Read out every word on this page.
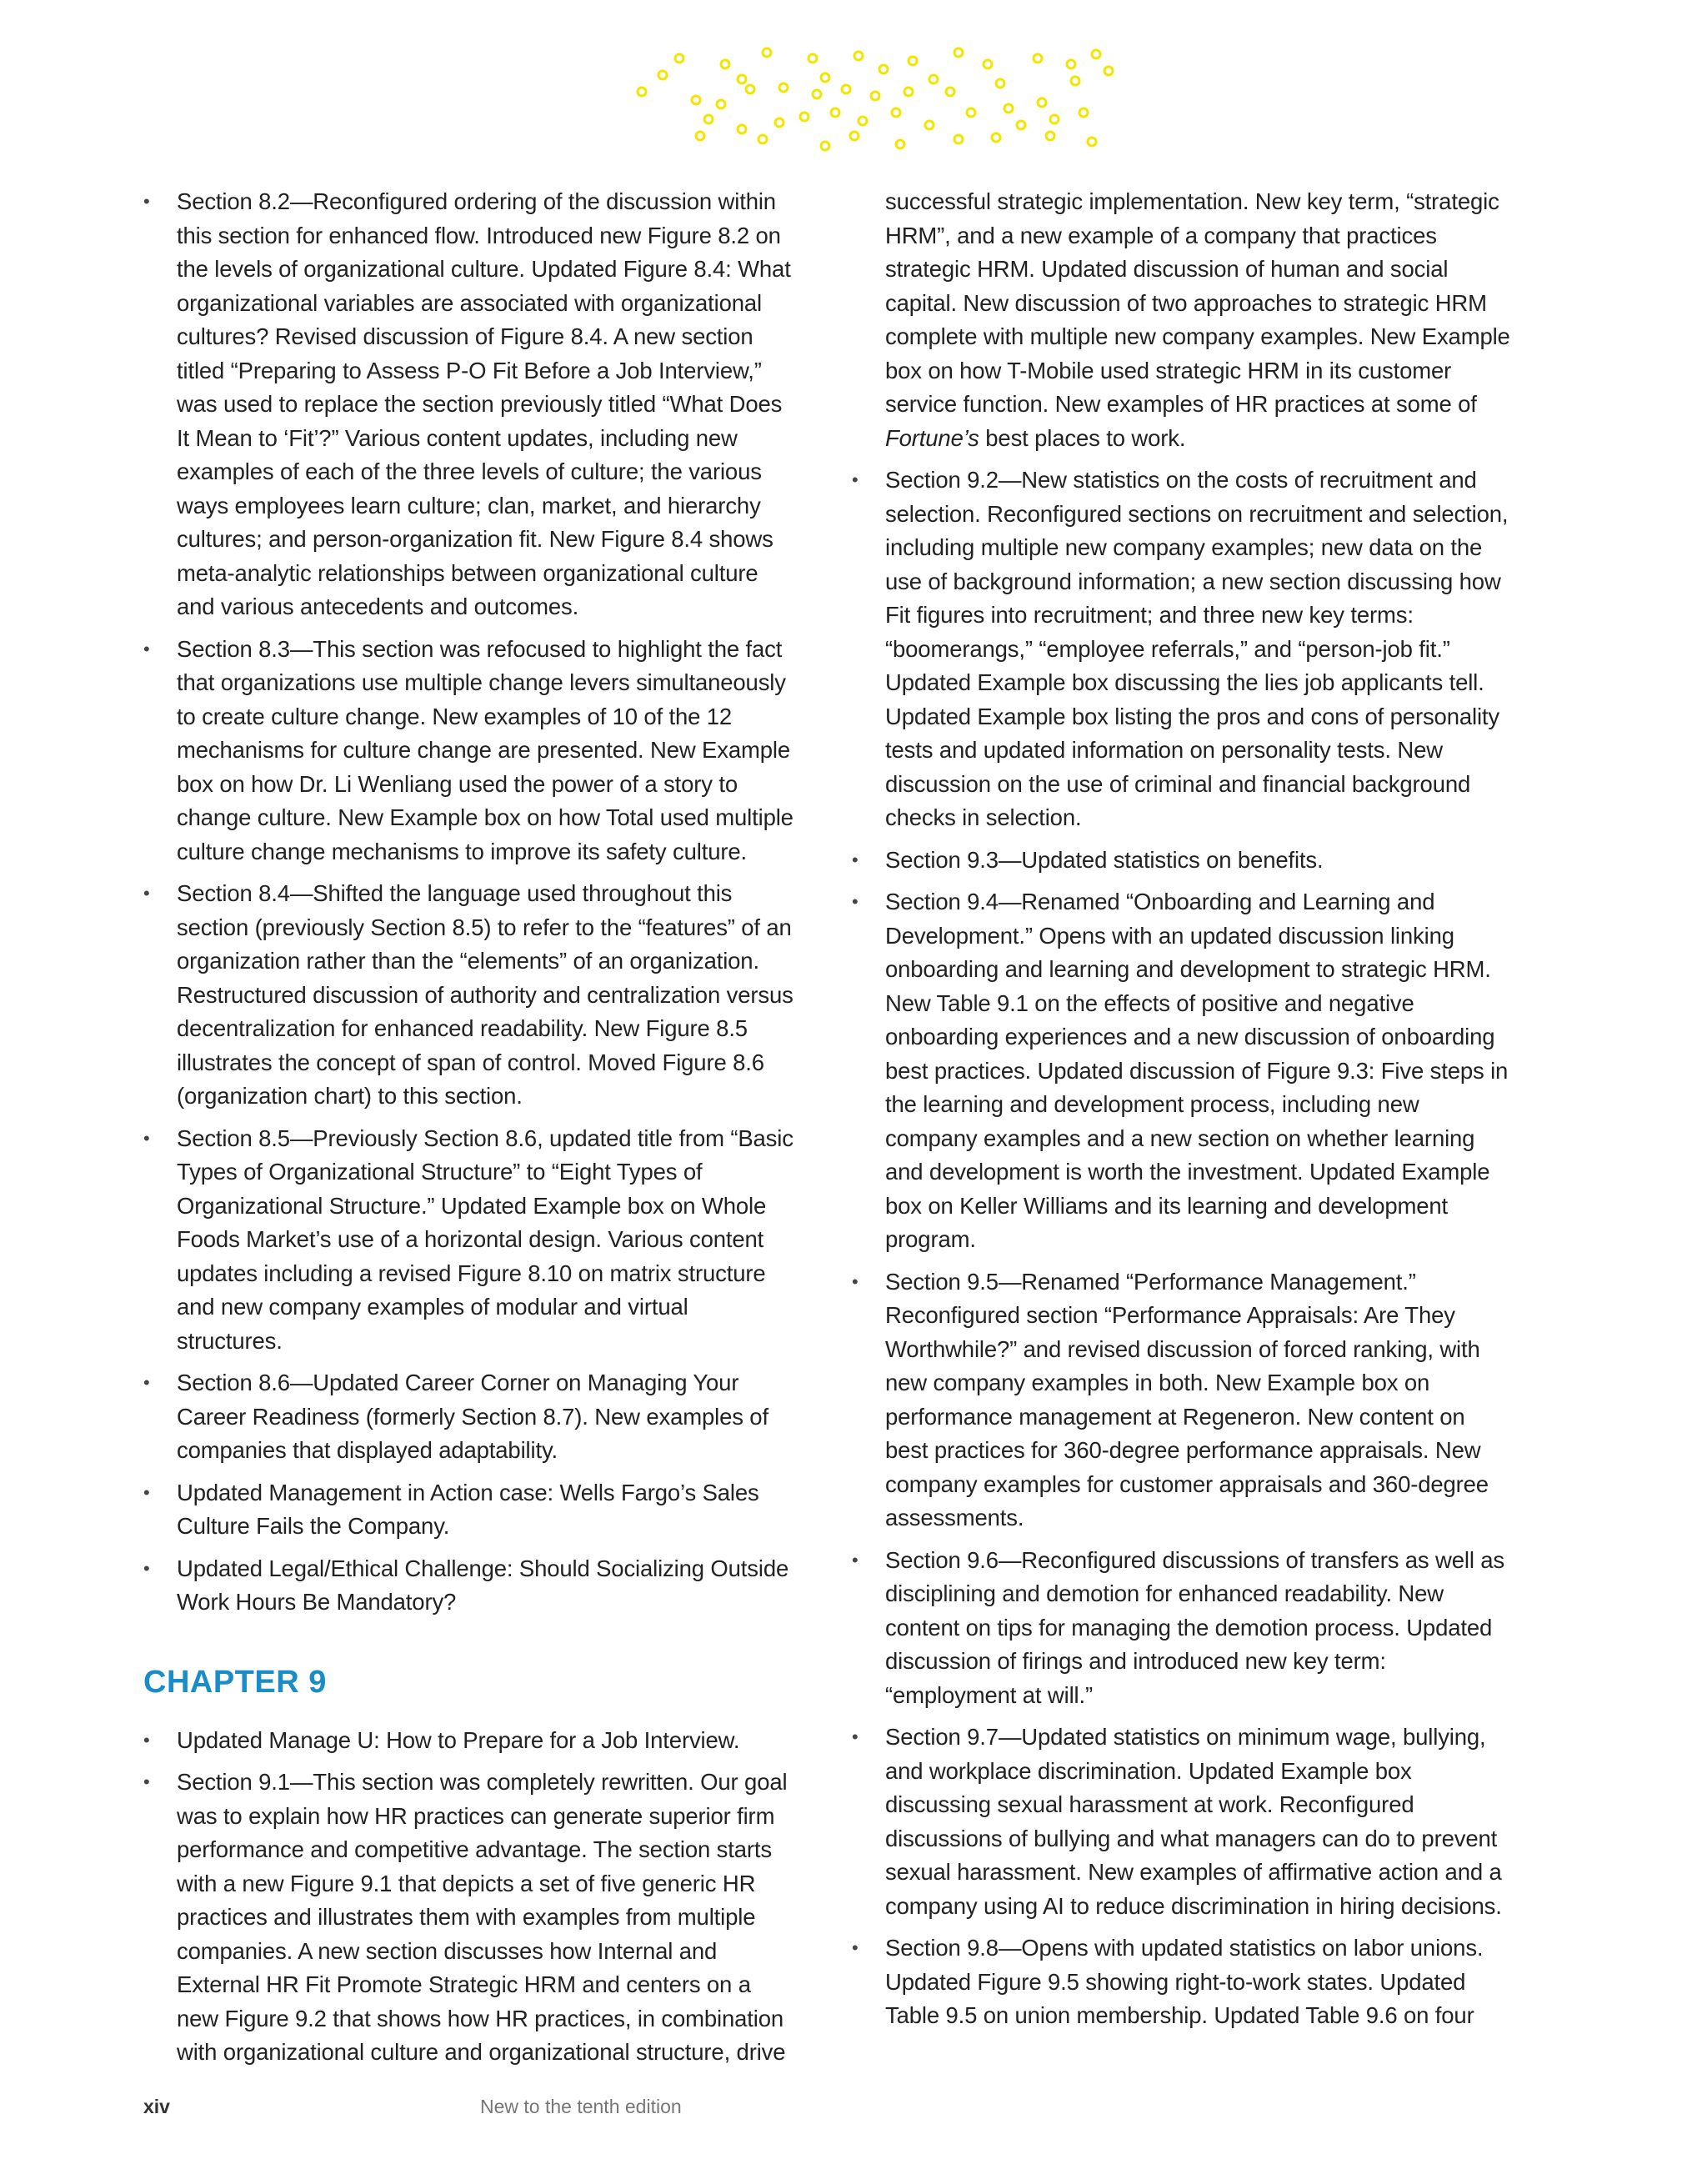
• Section 8.2—Reconfigured ordering of the discussion within this section for enhanced flow. Introduced new Figure 8.2 on the levels of organizational culture. Updated Figure 8.4: What organizational variables are associated with organizational cultures? Revised discussion of Figure 8.4. A new section titled “Preparing to Assess P-O Fit Before a Job Interview,” was used to replace the section previously titled “What Does It Mean to ‘Fit’?” Various content updates, including new examples of each of the three levels of culture; the various ways employees learn culture; clan, market, and hierarchy cultures; and person-organization fit. New Figure 8.4 shows meta-analytic relationships between organizational culture and various antecedents and outcomes.
• Section 8.3—This section was refocused to highlight the fact that organizations use multiple change levers simultaneously to create culture change. New examples of 10 of the 12 mechanisms for culture change are presented. New Example box on how Dr. Li Wenliang used the power of a story to change culture. New Example box on how Total used multiple culture change mechanisms to improve its safety culture.
• Section 8.4—Shifted the language used throughout this section (previously Section 8.5) to refer to the “features” of an organization rather than the “elements” of an organization. Restructured discussion of authority and centralization versus decentralization for enhanced readability. New Figure 8.5 illustrates the concept of span of control. Moved Figure 8.6 (organization chart) to this section.
• Section 8.5—Previously Section 8.6, updated title from “Basic Types of Organizational Structure” to “Eight Types of Organizational Structure.” Updated Example box on Whole Foods Market’s use of a horizontal design. Various content updates including a revised Figure 8.10 on matrix structure and new company examples of modular and virtual structures.
• Section 8.6—Updated Career Corner on Managing Your Career Readiness (formerly Section 8.7). New examples of companies that displayed adaptability.
• Updated Management in Action case: Wells Fargo’s Sales Culture Fails the Company.
• Updated Legal/Ethical Challenge: Should Socializing Outside Work Hours Be Mandatory?
CHAPTER 9
• Updated Manage U: How to Prepare for a Job Interview.
• Section 9.1—This section was completely rewritten. Our goal was to explain how HR practices can generate superior firm performance and competitive advantage. The section starts with a new Figure 9.1 that depicts a set of five generic HR practices and illustrates them with examples from multiple companies. A new section discusses how Internal and External HR Fit Promote Strategic HRM and centers on a new Figure 9.2 that shows how HR practices, in combination with organizational culture and organizational structure, drive
successful strategic implementation. New key term, “strategic HRM”, and a new example of a company that practices strategic HRM. Updated discussion of human and social capital. New discussion of two approaches to strategic HRM complete with multiple new company examples. New Example box on how T-Mobile used strategic HRM in its customer service function. New examples of HR practices at some of Fortune’s best places to work.
• Section 9.2—New statistics on the costs of recruitment and selection. Reconfigured sections on recruitment and selection, including multiple new company examples; new data on the use of background information; a new section discussing how Fit figures into recruitment; and three new key terms: “boomerangs,” “employee referrals,” and “person-job fit.” Updated Example box discussing the lies job applicants tell. Updated Example box listing the pros and cons of personality tests and updated information on personality tests. New discussion on the use of criminal and financial background checks in selection.
• Section 9.3—Updated statistics on benefits.
• Section 9.4—Renamed “Onboarding and Learning and Development.” Opens with an updated discussion linking onboarding and learning and development to strategic HRM. New Table 9.1 on the effects of positive and negative onboarding experiences and a new discussion of onboarding best practices. Updated discussion of Figure 9.3: Five steps in the learning and development process, including new company examples and a new section on whether learning and development is worth the investment. Updated Example box on Keller Williams and its learning and development program.
• Section 9.5—Renamed “Performance Management.” Reconfigured section “Performance Appraisals: Are They Worthwhile?” and revised discussion of forced ranking, with new company examples in both. New Example box on performance management at Regeneron. New content on best practices for 360-degree performance appraisals. New company examples for customer appraisals and 360-degree assessments.
• Section 9.6—Reconfigured discussions of transfers as well as disciplining and demotion for enhanced readability. New content on tips for managing the demotion process. Updated discussion of firings and introduced new key term: “employment at will.”
• Section 9.7—Updated statistics on minimum wage, bullying, and workplace discrimination. Updated Example box discussing sexual harassment at work. Reconfigured discussions of bullying and what managers can do to prevent sexual harassment. New examples of affirmative action and a company using AI to reduce discrimination in hiring decisions.
• Section 9.8—Opens with updated statistics on labor unions. Updated Figure 9.5 showing right-to-work states. Updated Table 9.5 on union membership. Updated Table 9.6 on four
xiv	New to the tenth edition
